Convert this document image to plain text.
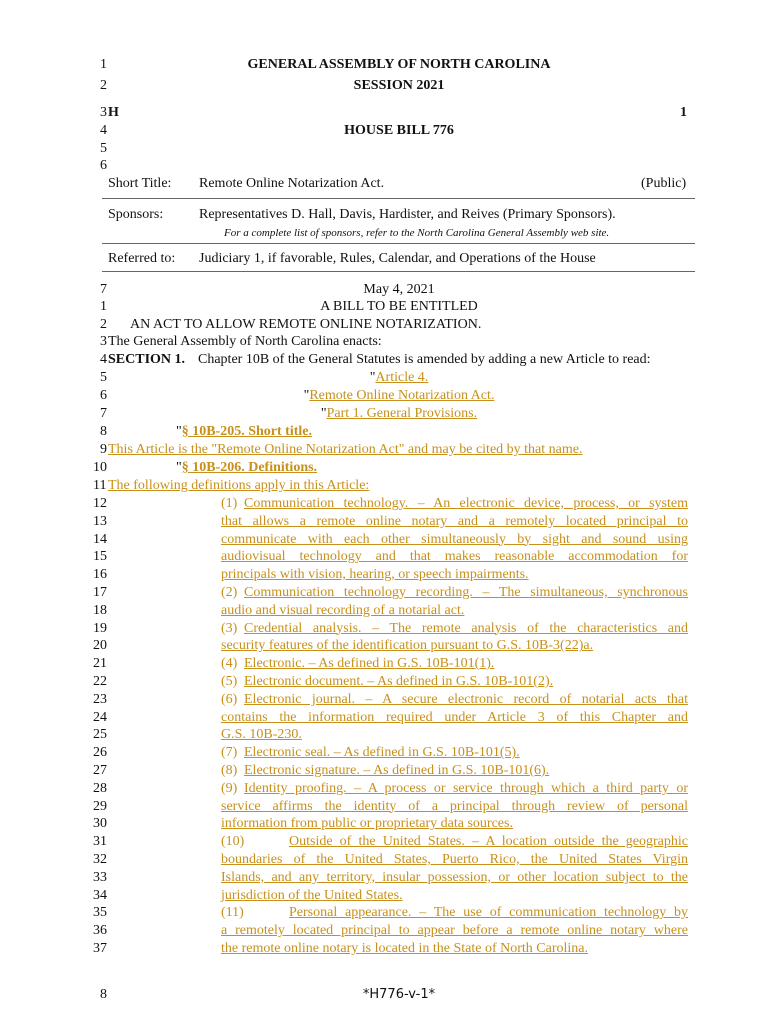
1	GENERAL ASSEMBLY OF NORTH CAROLINA
2	SESSION 2021
3 H	1
4	HOUSE BILL 776
5
6
Short Title: Remote Online Notarization Act.	(Public)
Sponsors:	Representatives D. Hall, Davis, Hardister, and Reives (Primary Sponsors).
For a complete list of sponsors, refer to the North Carolina General Assembly web site.
Referred to: Judiciary 1, if favorable, Rules, Calendar, and Operations of the House
7	May 4, 2021
1	A BILL TO BE ENTITLED
2 AN ACT TO ALLOW REMOTE ONLINE NOTARIZATION.
3 The General Assembly of North Carolina enacts:
4 SECTION 1. Chapter 10B of the General Statutes is amended by adding a new Article to read:
5	"Article 4.
6	"Remote Online Notarization Act.
7	"Part 1. General Provisions.
8	"§ 10B-205. Short title.
9 This Article is the "Remote Online Notarization Act" and may be cited by that name.
10	"§ 10B-206. Definitions.
11 The following definitions apply in this Article:
12	(1) Communication technology. – An electronic device, process, or system
13	that allows a remote online notary and a remotely located principal to
14	communicate with each other simultaneously by sight and sound using
15	audiovisual technology and that makes reasonable accommodation for
16	principals with vision, hearing, or speech impairments.
17	(2) Communication technology recording. – The simultaneous, synchronous
18	audio and visual recording of a notarial act.
19	(3) Credential analysis. – The remote analysis of the characteristics and
20	security features of the identification pursuant to G.S. 10B-3(22)a.
21	(4) Electronic. – As defined in G.S. 10B-101(1).
22	(5) Electronic document. – As defined in G.S. 10B-101(2).
23	(6) Electronic journal. – A secure electronic record of notarial acts that
24	contains the information required under Article 3 of this Chapter and
25	G.S. 10B-230.
26	(7) Electronic seal. – As defined in G.S. 10B-101(5).
27	(8) Electronic signature. – As defined in G.S. 10B-101(6).
28	(9) Identity proofing. – A process or service through which a third party or
29	service affirms the identity of a principal through review of personal
30	information from public or proprietary data sources.
31	(10)	Outside of the United States. – A location outside the geographic
32	boundaries of the United States, Puerto Rico, the United States Virgin
33	Islands, and any territory, insular possession, or other location subject to the
34	jurisdiction of the United States.
35	(11)	Personal appearance. – The use of communication technology by
36	a remotely located principal to appear before a remote online notary where
37	the remote online notary is located in the State of North Carolina.
8	*H776-v-1*
